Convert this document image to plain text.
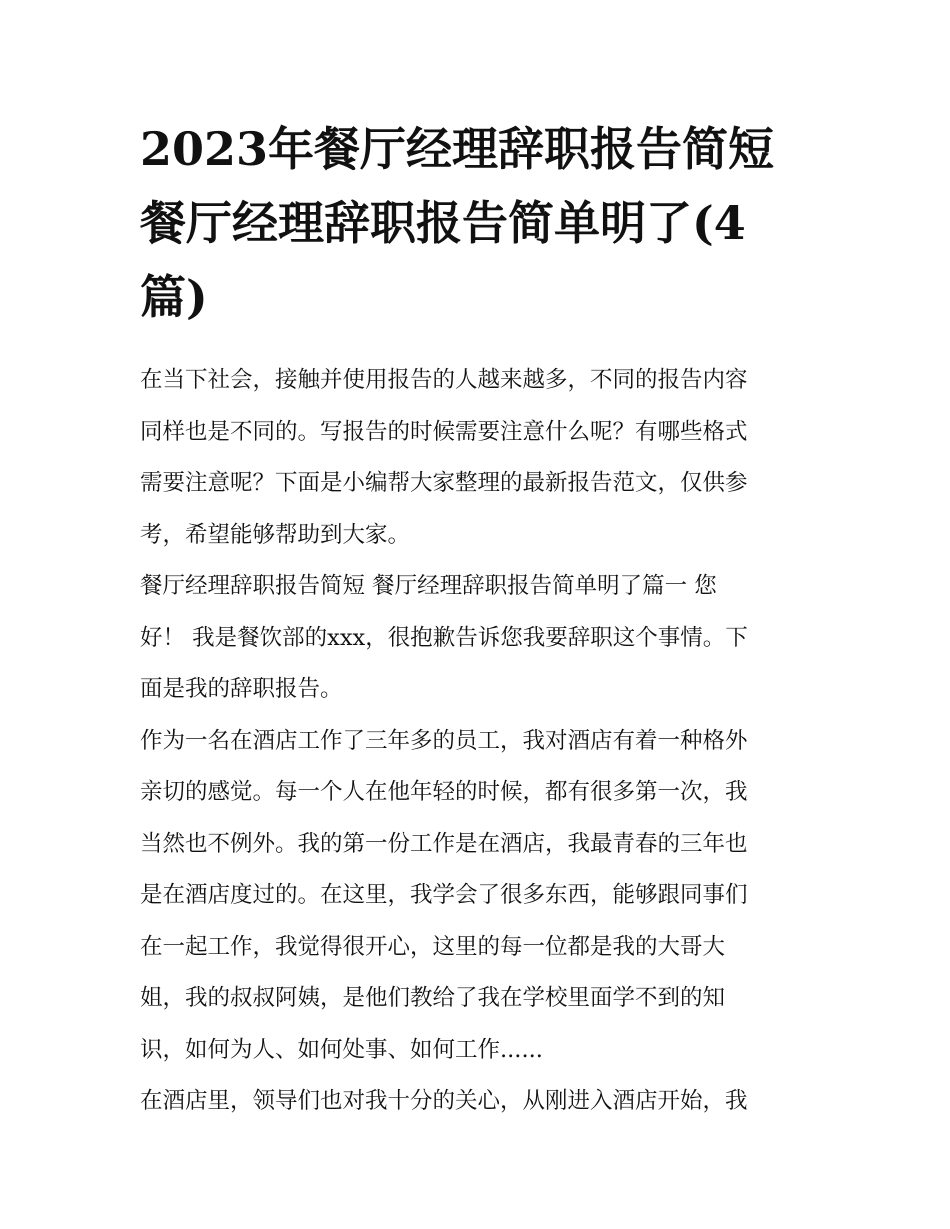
2023年餐厅经理辞职报告简短
餐厅经理辞职报告简单明了(4
篇)

在当下社会，接触并使用报告的人越来越多，不同的报告内容
同样也是不同的。写报告的时候需要注意什么呢？有哪些格式
需要注意呢？下面是小编帮大家整理的最新报告范文，仅供参
考，希望能够帮助到大家。

餐厅经理辞职报告简短 餐厅经理辞职报告简单明了篇一 您
好！ 我是餐饮部的xxx，很抱歉告诉您我要辞职这个事情。下
面是我的辞职报告。

作为一名在酒店工作了三年多的员工，我对酒店有着一种格外
亲切的感觉。每一个人在他年轻的时候，都有很多第一次，我
当然也不例外。我的第一份工作是在酒店，我最青春的三年也
是在酒店度过的。在这里，我学会了很多东西，能够跟同事们
在一起工作，我觉得很开心，这里的每一位都是我的大哥大
姐，我的叔叔阿姨，是他们教给了我在学校里面学不到的知
识，如何为人、如何处事、如何工作......

在酒店里，领导们也对我十分的关心，从刚进入酒店开始，我
